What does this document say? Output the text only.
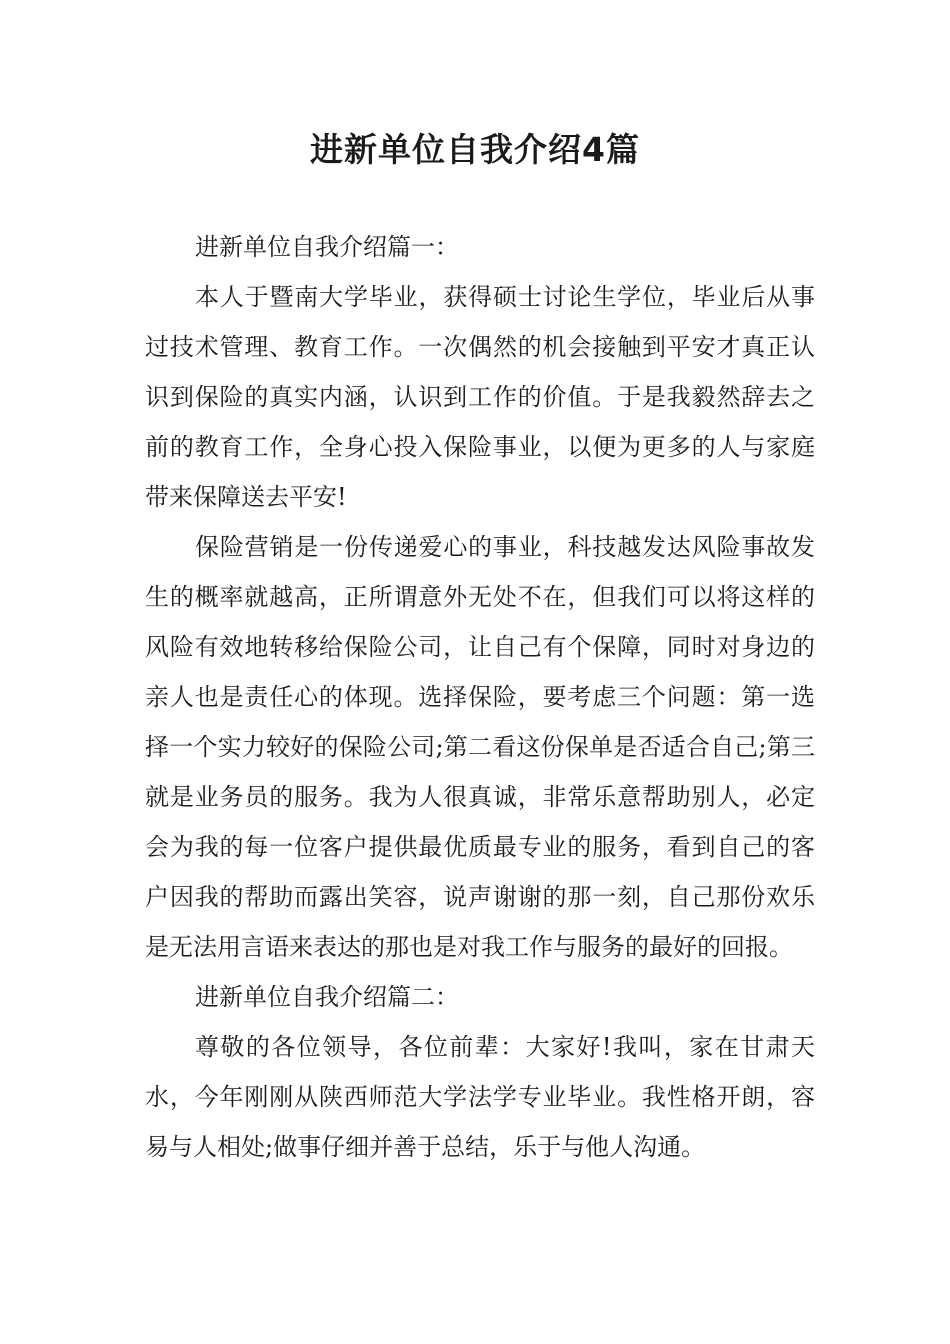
进新单位自我介绍4篇

进新单位自我介绍篇一：

本人于暨南大学毕业，获得硕士讨论生学位，毕业后从事过技术管理、教育工作。一次偶然的机会接触到平安才真正认识到保险的真实内涵，认识到工作的价值。于是我毅然辞去之前的教育工作，全身心投入保险事业，以便为更多的人与家庭带来保障送去平安!

保险营销是一份传递爱心的事业，科技越发达风险事故发生的概率就越高，正所谓意外无处不在，但我们可以将这样的风险有效地转移给保险公司，让自己有个保障，同时对身边的亲人也是责任心的体现。选择保险，要考虑三个问题：第一选择一个实力较好的保险公司;第二看这份保单是否适合自己;第三就是业务员的服务。我为人很真诚，非常乐意帮助别人，必定会为我的每一位客户提供最优质最专业的服务，看到自己的客户因我的帮助而露出笑容，说声谢谢的那一刻，自己那份欢乐是无法用言语来表达的那也是对我工作与服务的最好的回报。

进新单位自我介绍篇二：

尊敬的各位领导，各位前辈：大家好!我叫，家在甘肃天水，今年刚刚从陕西师范大学法学专业毕业。我性格开朗，容易与人相处;做事仔细并善于总结，乐于与他人沟通。
